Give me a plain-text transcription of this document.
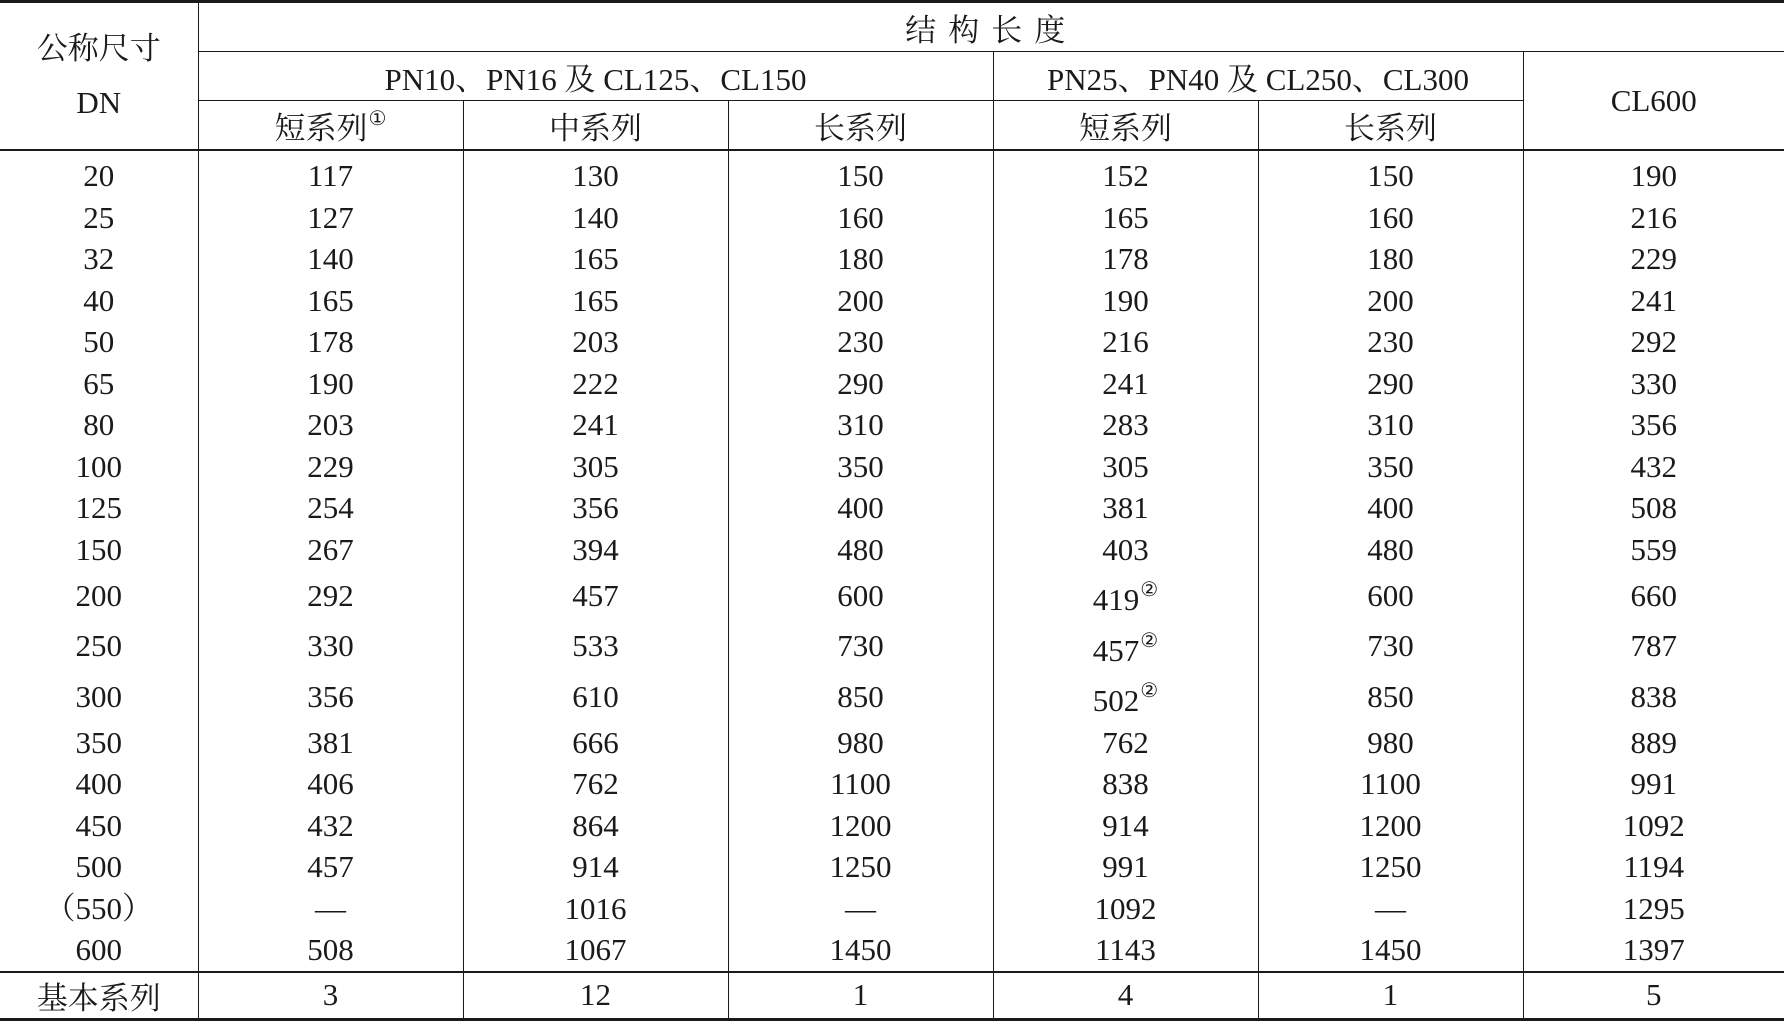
公称尺寸
DN	结构长度					
	PN10、PN16 及 CL125、CL150			PN25、PN40 及 CL250、CL300		CL600
	短系列①	中系列	长系列	短系列	长系列	
20	117	130	150	152	150	190
25	127	140	160	165	160	216
32	140	165	180	178	180	229
40	165	165	200	190	200	241
50	178	203	230	216	230	292
65	190	222	290	241	290	330
80	203	241	310	283	310	356
100	229	305	350	305	350	432
125	254	356	400	381	400	508
150	267	394	480	403	480	559
200	292	457	600	419②	600	660
250	330	533	730	457②	730	787
300	356	610	850	502②	850	838
350	381	666	980	762	980	889
400	406	762	1100	838	1100	991
450	432	864	1200	914	1200	1092
500	457	914	1250	991	1250	1194
（550）	—	1016	—	1092	—	1295
600	508	1067	1450	1143	1450	1397
基本系列	3	12	1	4	1	5
